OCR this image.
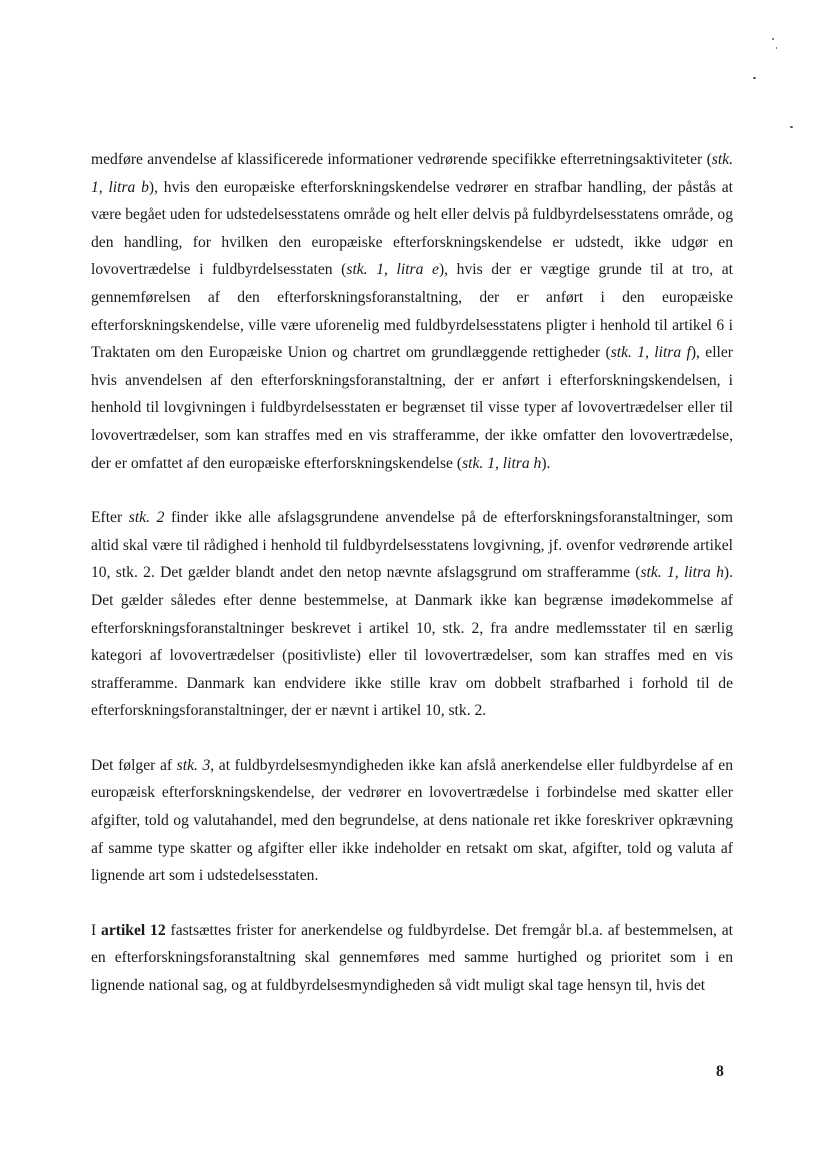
medføre anvendelse af klassificerede informationer vedrørende specifikke efterretningsaktiviteter (stk. 1, litra b), hvis den europæiske efterforskningskendelse vedrører en strafbar handling, der påstås at være begået uden for udstedelsesstatens område og helt eller delvis på fuldbyrdelsesstatens område, og den handling, for hvilken den europæiske efterforskningskendelse er udstedt, ikke udgør en lovovertrædelse i fuldbyrdelsesstaten (stk. 1, litra e), hvis der er vægtige grunde til at tro, at gennemførelsen af den efterforskningsforanstaltning, der er anført i den europæiske efterforskningskendelse, ville være uforenelig med fuldbyrdelsesstatens pligter i henhold til artikel 6 i Traktaten om den Europæiske Union og chartret om grundlæggende rettigheder (stk. 1, litra f), eller hvis anvendelsen af den efterforskningsforanstaltning, der er anført i efterforskningskendelsen, i henhold til lovgivningen i fuldbyrdelsesstaten er begrænset til visse typer af lovovertrædelser eller til lovovertrædelser, som kan straffes med en vis strafferamme, der ikke omfatter den lovovertrædelse, der er omfattet af den europæiske efterforskningskendelse (stk. 1, litra h).

Efter stk. 2 finder ikke alle afslagsgrundene anvendelse på de efterforskningsforanstaltninger, som altid skal være til rådighed i henhold til fuldbyrdelsesstatens lovgivning, jf. ovenfor vedrørende artikel 10, stk. 2. Det gælder blandt andet den netop nævnte afslagsgrund om strafferamme (stk. 1, litra h). Det gælder således efter denne bestemmelse, at Danmark ikke kan begrænse imødekommelse af efterforskningsforanstaltninger beskrevet i artikel 10, stk. 2, fra andre medlemsstater til en særlig kategori af lovovertrædelser (positivliste) eller til lovovertrædelser, som kan straffes med en vis strafferamme. Danmark kan endvidere ikke stille krav om dobbelt strafbarhed i forhold til de efterforskningsforanstaltninger, der er nævnt i artikel 10, stk. 2.

Det følger af stk. 3, at fuldbyrdelsesmyndigheden ikke kan afslå anerkendelse eller fuldbyrdelse af en europæisk efterforskningskendelse, der vedrører en lovovertrædelse i forbindelse med skatter eller afgifter, told og valutahandel, med den begrundelse, at dens nationale ret ikke foreskriver opkrævning af samme type skatter og afgifter eller ikke indeholder en retsakt om skat, afgifter, told og valuta af lignende art som i udstedelsesstaten.

I artikel 12 fastsættes frister for anerkendelse og fuldbyrdelse. Det fremgår bl.a. af bestemmelsen, at en efterforskningsforanstaltning skal gennemføres med samme hurtighed og prioritet som i en lignende national sag, og at fuldbyrdelsesmyndigheden så vidt muligt skal tage hensyn til, hvis det

8
